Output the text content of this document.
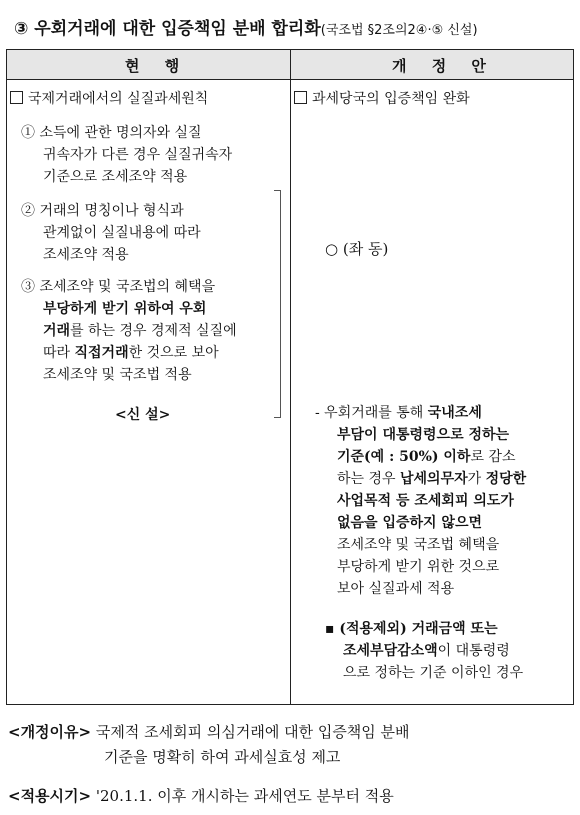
③ 우회거래에 대한 입증책임 분배 합리화(국조법 §2조의2④·⑤ 신설)
현 행	개 정 안
국제거래에서의 실질과세원칙
① 소득에 관한 명의자와 실질
귀속자가 다른 경우 실질귀속자
기준으로 조세조약 적용
② 거래의 명칭이나 형식과
관계없이 실질내용에 따라
조세조약 적용
③ 조세조약 및 국조법의 혜택을
부당하게 받기 위하여 우회
거래를 하는 경우 경제적 실질에
따라 직접거래한 것으로 보아
조세조약 및 국조법 적용
<신 설>
과세당국의 입증책임 완화
○ (좌 동)
- 우회거래를 통해 국내조세
부담이 대통령령으로 정하는
기준(예 : 50%) 이하로 감소
하는 경우 납세의무자가 정당한
사업목적 등 조세회피 의도가
없음을 입증하지 않으면
조세조약 및 국조법 혜택을
부당하게 받기 위한 것으로
보아 실질과세 적용
▪ (적용제외) 거래금액 또는
조세부담감소액이 대통령령
으로 정하는 기준 이하인 경우
<개정이유> 국제적 조세회피 의심거래에 대한 입증책임 분배
기준을 명확히 하여 과세실효성 제고
<적용시기> '20.1.1. 이후 개시하는 과세연도 분부터 적용
